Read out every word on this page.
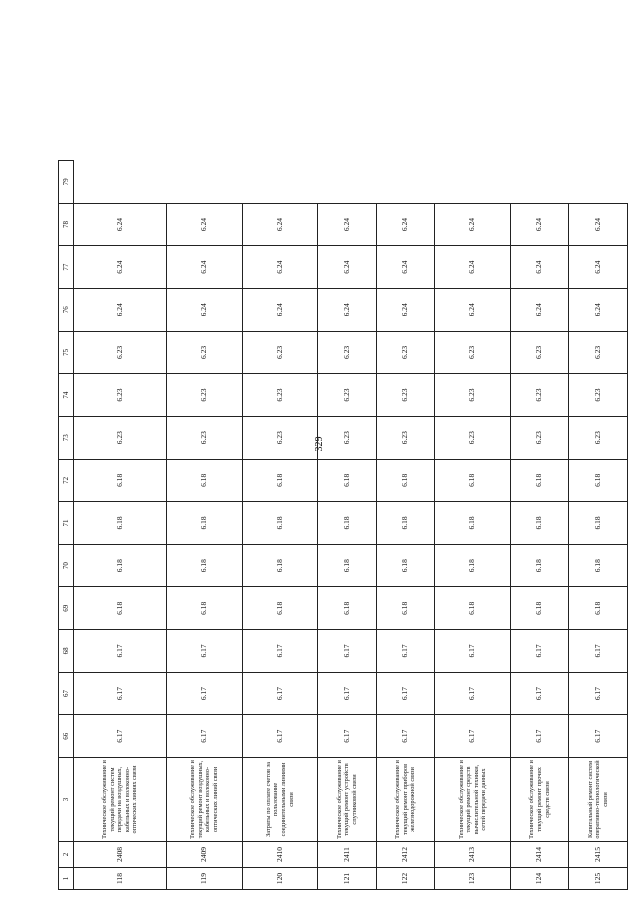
329
1	2	3	66	67	68	69	70	71	72	73	74	75	76	77	78	79
118	2408	Техническое обслуживание и текущий ремонт систем передачи на воздушных, кабельных и волоконно-оптических линиях связи	6.17	6.17	6.17	6.18	6.18	6.18	6.18	6.23	6.23	6.23	6.24	6.24	6.24	
119	2409	Техническое обслуживание и текущий ремонт воздушных, кабельных и волоконно-оптических линий связи	6.17	6.17	6.17	6.18	6.18	6.18	6.18	6.23	6.23	6.23	6.24	6.24	6.24	
120	2410	Затраты по оплате счетов за пользование соединительными линиями связи	6.17	6.17	6.17	6.18	6.18	6.18	6.18	6.23	6.23	6.23	6.24	6.24	6.24	
121	2411	Техническое обслуживание и текущий ремонт устройств спутниковой связи	6.17	6.17	6.17	6.18	6.18	6.18	6.18	6.23	6.23	6.23	6.24	6.24	6.24	
122	2412	Техническое обслуживание и текущий ремонт приборов железнодорожной связи	6.17	6.17	6.17	6.18	6.18	6.18	6.18	6.23	6.23	6.23	6.24	6.24	6.24	
123	2413	Техническое обслуживание и текущий ремонт средств вычислительной техники, сетей передачи данных	6.17	6.17	6.17	6.18	6.18	6.18	6.18	6.23	6.23	6.23	6.24	6.24	6.24	
124	2414	Техническое обслуживание и текущий ремонт прочих средств связи	6.17	6.17	6.17	6.18	6.18	6.18	6.18	6.23	6.23	6.23	6.24	6.24	6.24	
125	2415	Капитальный ремонт систем оперативно-технологической связи	6.17	6.17	6.17	6.18	6.18	6.18	6.18	6.23	6.23	6.23	6.24	6.24	6.24	
